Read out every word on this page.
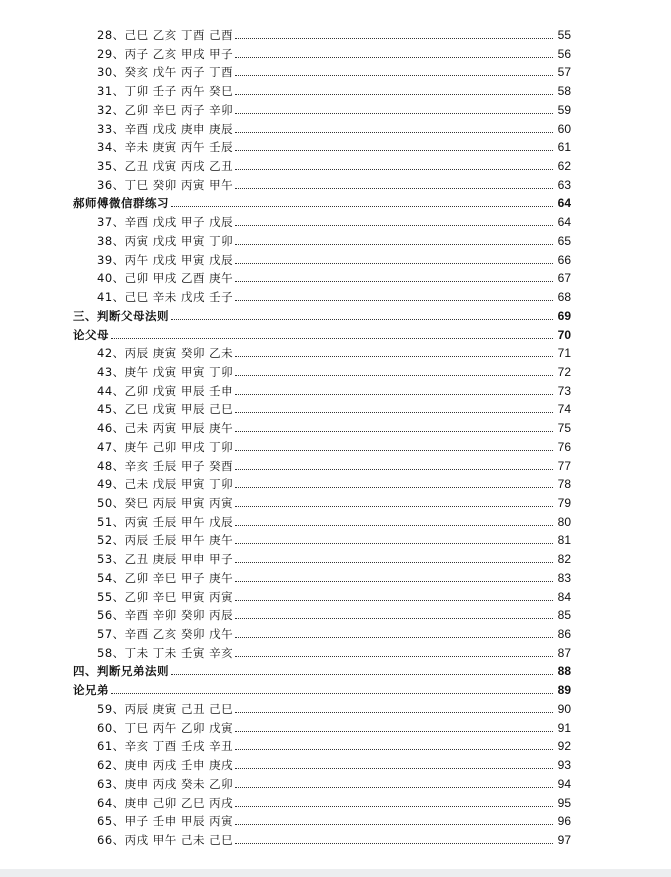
28、己巳 乙亥 丁酉 己酉	55
29、丙子 乙亥 甲戌 甲子	56
30、癸亥 戊午 丙子 丁酉	57
31、丁卯 壬子 丙午 癸巳	58
32、乙卯 辛巳 丙子 辛卯	59
33、辛酉 戊戌 庚申 庚辰	60
34、辛未 庚寅 丙午 壬辰	61
35、乙丑 戊寅 丙戌 乙丑	62
36、丁巳 癸卯 丙寅 甲午	63
郝师傅微信群练习	64
37、辛酉 戊戌 甲子 戊辰	64
38、丙寅 戊戌 甲寅 丁卯	65
39、丙午 戊戌 甲寅 戊辰	66
40、己卯 甲戌 乙酉 庚午	67
41、己巳 辛未 戊戌 壬子	68
三、判断父母法则	69
论父母	70
42、丙辰 庚寅 癸卯 乙未	71
43、庚午 戊寅 甲寅 丁卯	72
44、乙卯 戊寅 甲辰 壬申	73
45、乙巳 戊寅 甲辰 己巳	74
46、己未 丙寅 甲辰 庚午	75
47、庚午 己卯 甲戌 丁卯	76
48、辛亥 壬辰 甲子 癸酉	77
49、己未 戊辰 甲寅 丁卯	78
50、癸巳 丙辰 甲寅 丙寅	79
51、丙寅 壬辰 甲午 戊辰	80
52、丙辰 壬辰 甲午 庚午	81
53、乙丑 庚辰 甲申 甲子	82
54、乙卯 辛巳 甲子 庚午	83
55、乙卯 辛巳 甲寅 丙寅	84
56、辛酉 辛卯 癸卯 丙辰	85
57、辛酉 乙亥 癸卯 戊午	86
58、丁未 丁未 壬寅 辛亥	87
四、判断兄弟法则	88
论兄弟	89
59、丙辰 庚寅 己丑 己巳	90
60、丁巳 丙午 乙卯 戊寅	91
61、辛亥 丁酉 壬戌 辛丑	92
62、庚申 丙戌 壬申 庚戌	93
63、庚申 丙戌 癸未 乙卯	94
64、庚申 己卯 乙巳 丙戌	95
65、甲子 壬申 甲辰 丙寅	96
66、丙戌 甲午 己未 己巳	97
